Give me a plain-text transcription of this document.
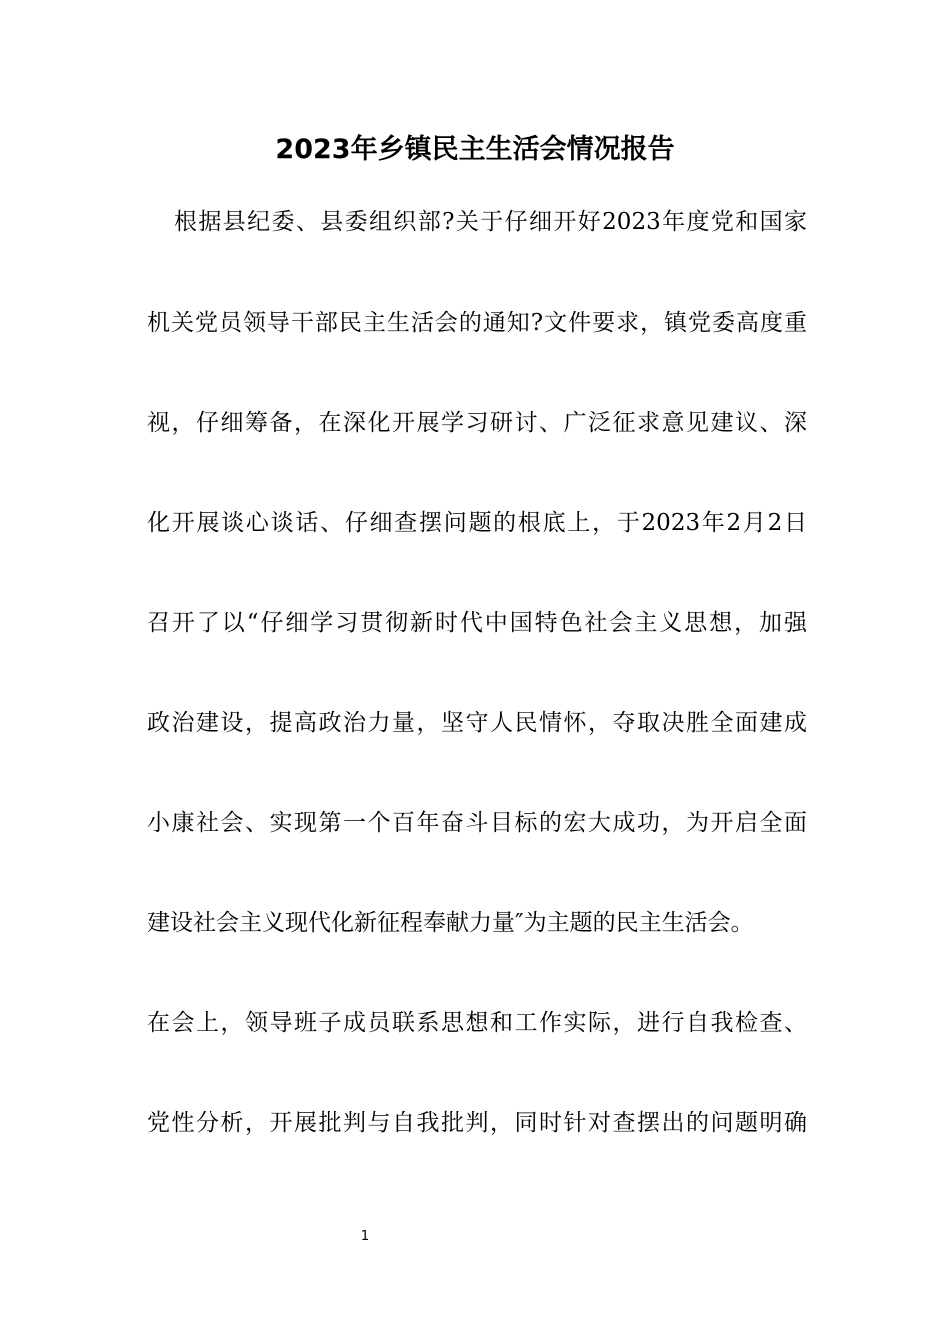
2023年乡镇民主生活会情况报告
根据县纪委、县委组织部?关于仔细开好2023年度党和国家
机关党员领导干部民主生活会的通知?文件要求，镇党委高度重
视，仔细筹备，在深化开展学习研讨、广泛征求意见建议、深
化开展谈心谈话、仔细查摆问题的根底上，于2023年2月2日
召开了以“仔细学习贯彻新时代中国特色社会主义思想，加强
政治建设，提高政治力量，坚守人民情怀，夺取决胜全面建成
小康社会、实现第一个百年奋斗目标的宏大成功，为开启全面
建设社会主义现代化新征程奉献力量″为主题的民主生活会。
在会上，领导班子成员联系思想和工作实际，进行自我检查、
党性分析，开展批判与自我批判，同时针对查摆出的问题明确
1
